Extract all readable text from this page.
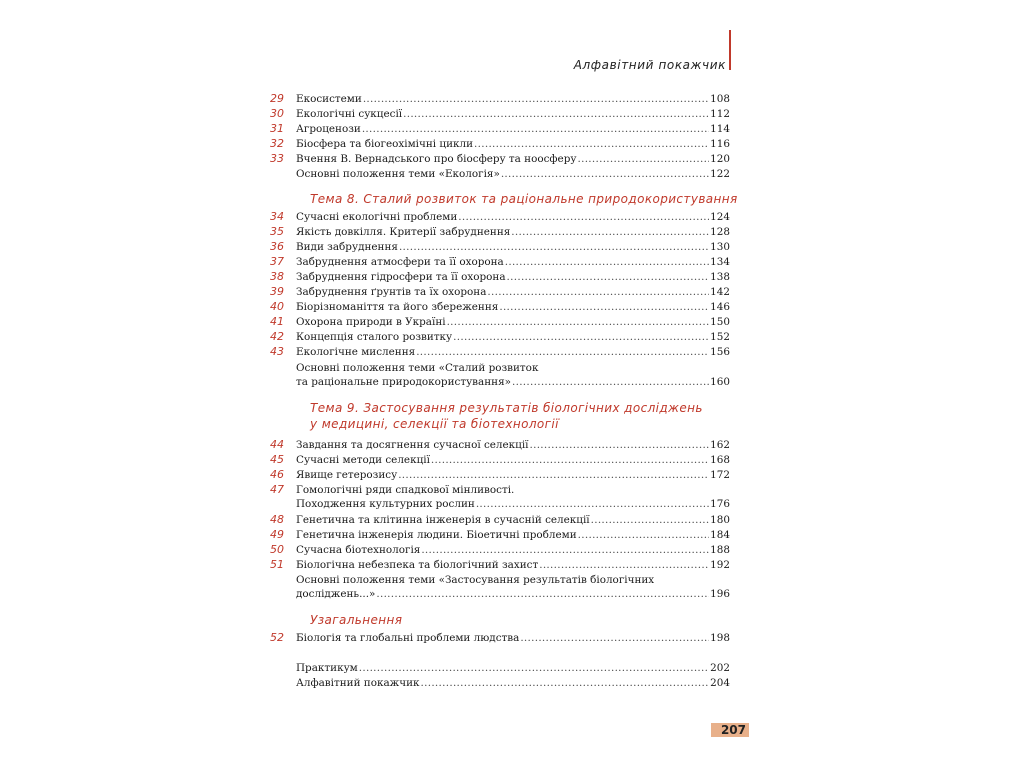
Алфавітний покажчик
29	Екосистеми .....	108
30	Екологічні сукцесії .....	112
31	Агроценози .....	114
32	Біосфера та біогеохімічні цикли .....	116
33	Вчення В. Вернадського про біосферу та ноосферу .....	120
Основні положення теми «Екологія» .....	122
Тема 8. Сталий розвиток та раціональне природокористування
34	Сучасні екологічні проблеми .....	124
35	Якість довкілля. Критерії забруднення .....	128
36	Види забруднення .....	130
37	Забруднення атмосфери та її охорона .....	134
38	Забруднення гідросфери та її охорона .....	138
39	Забруднення ґрунтів та їх охорона .....	142
40	Біорізноманіття та його збереження .....	146
41	Охорона природи в Україні .....	150
42	Концепція сталого розвитку .....	152
43	Екологічне мислення .....	156
Основні положення теми «Сталий розвиток
та раціональне природокористування» .....	160
Тема 9. Застосування результатів біологічних досліджень
у медицині, селекції та біотехнології
44	Завдання та досягнення сучасної селекції .....	162
45	Сучасні методи селекції .....	168
46	Явище гетерозису .....	172
47	Гомологічні ряди спадкової мінливості.
Походження культурних рослин .....	176
48	Генетична та клітинна інженерія в сучасній селекції .....	180
49	Генетична інженерія людини. Біоетичні проблеми .....	184
50	Сучасна біотехнологія .....	188
51	Біологічна небезпека та біологічний захист .....	192
Основні положення теми «Застосування результатів біологічних
досліджень...» .....	196
Узагальнення
52	Біологія та глобальні проблеми людства .....	198
Практикум .....	202
Алфавітний покажчик .....	204
207
